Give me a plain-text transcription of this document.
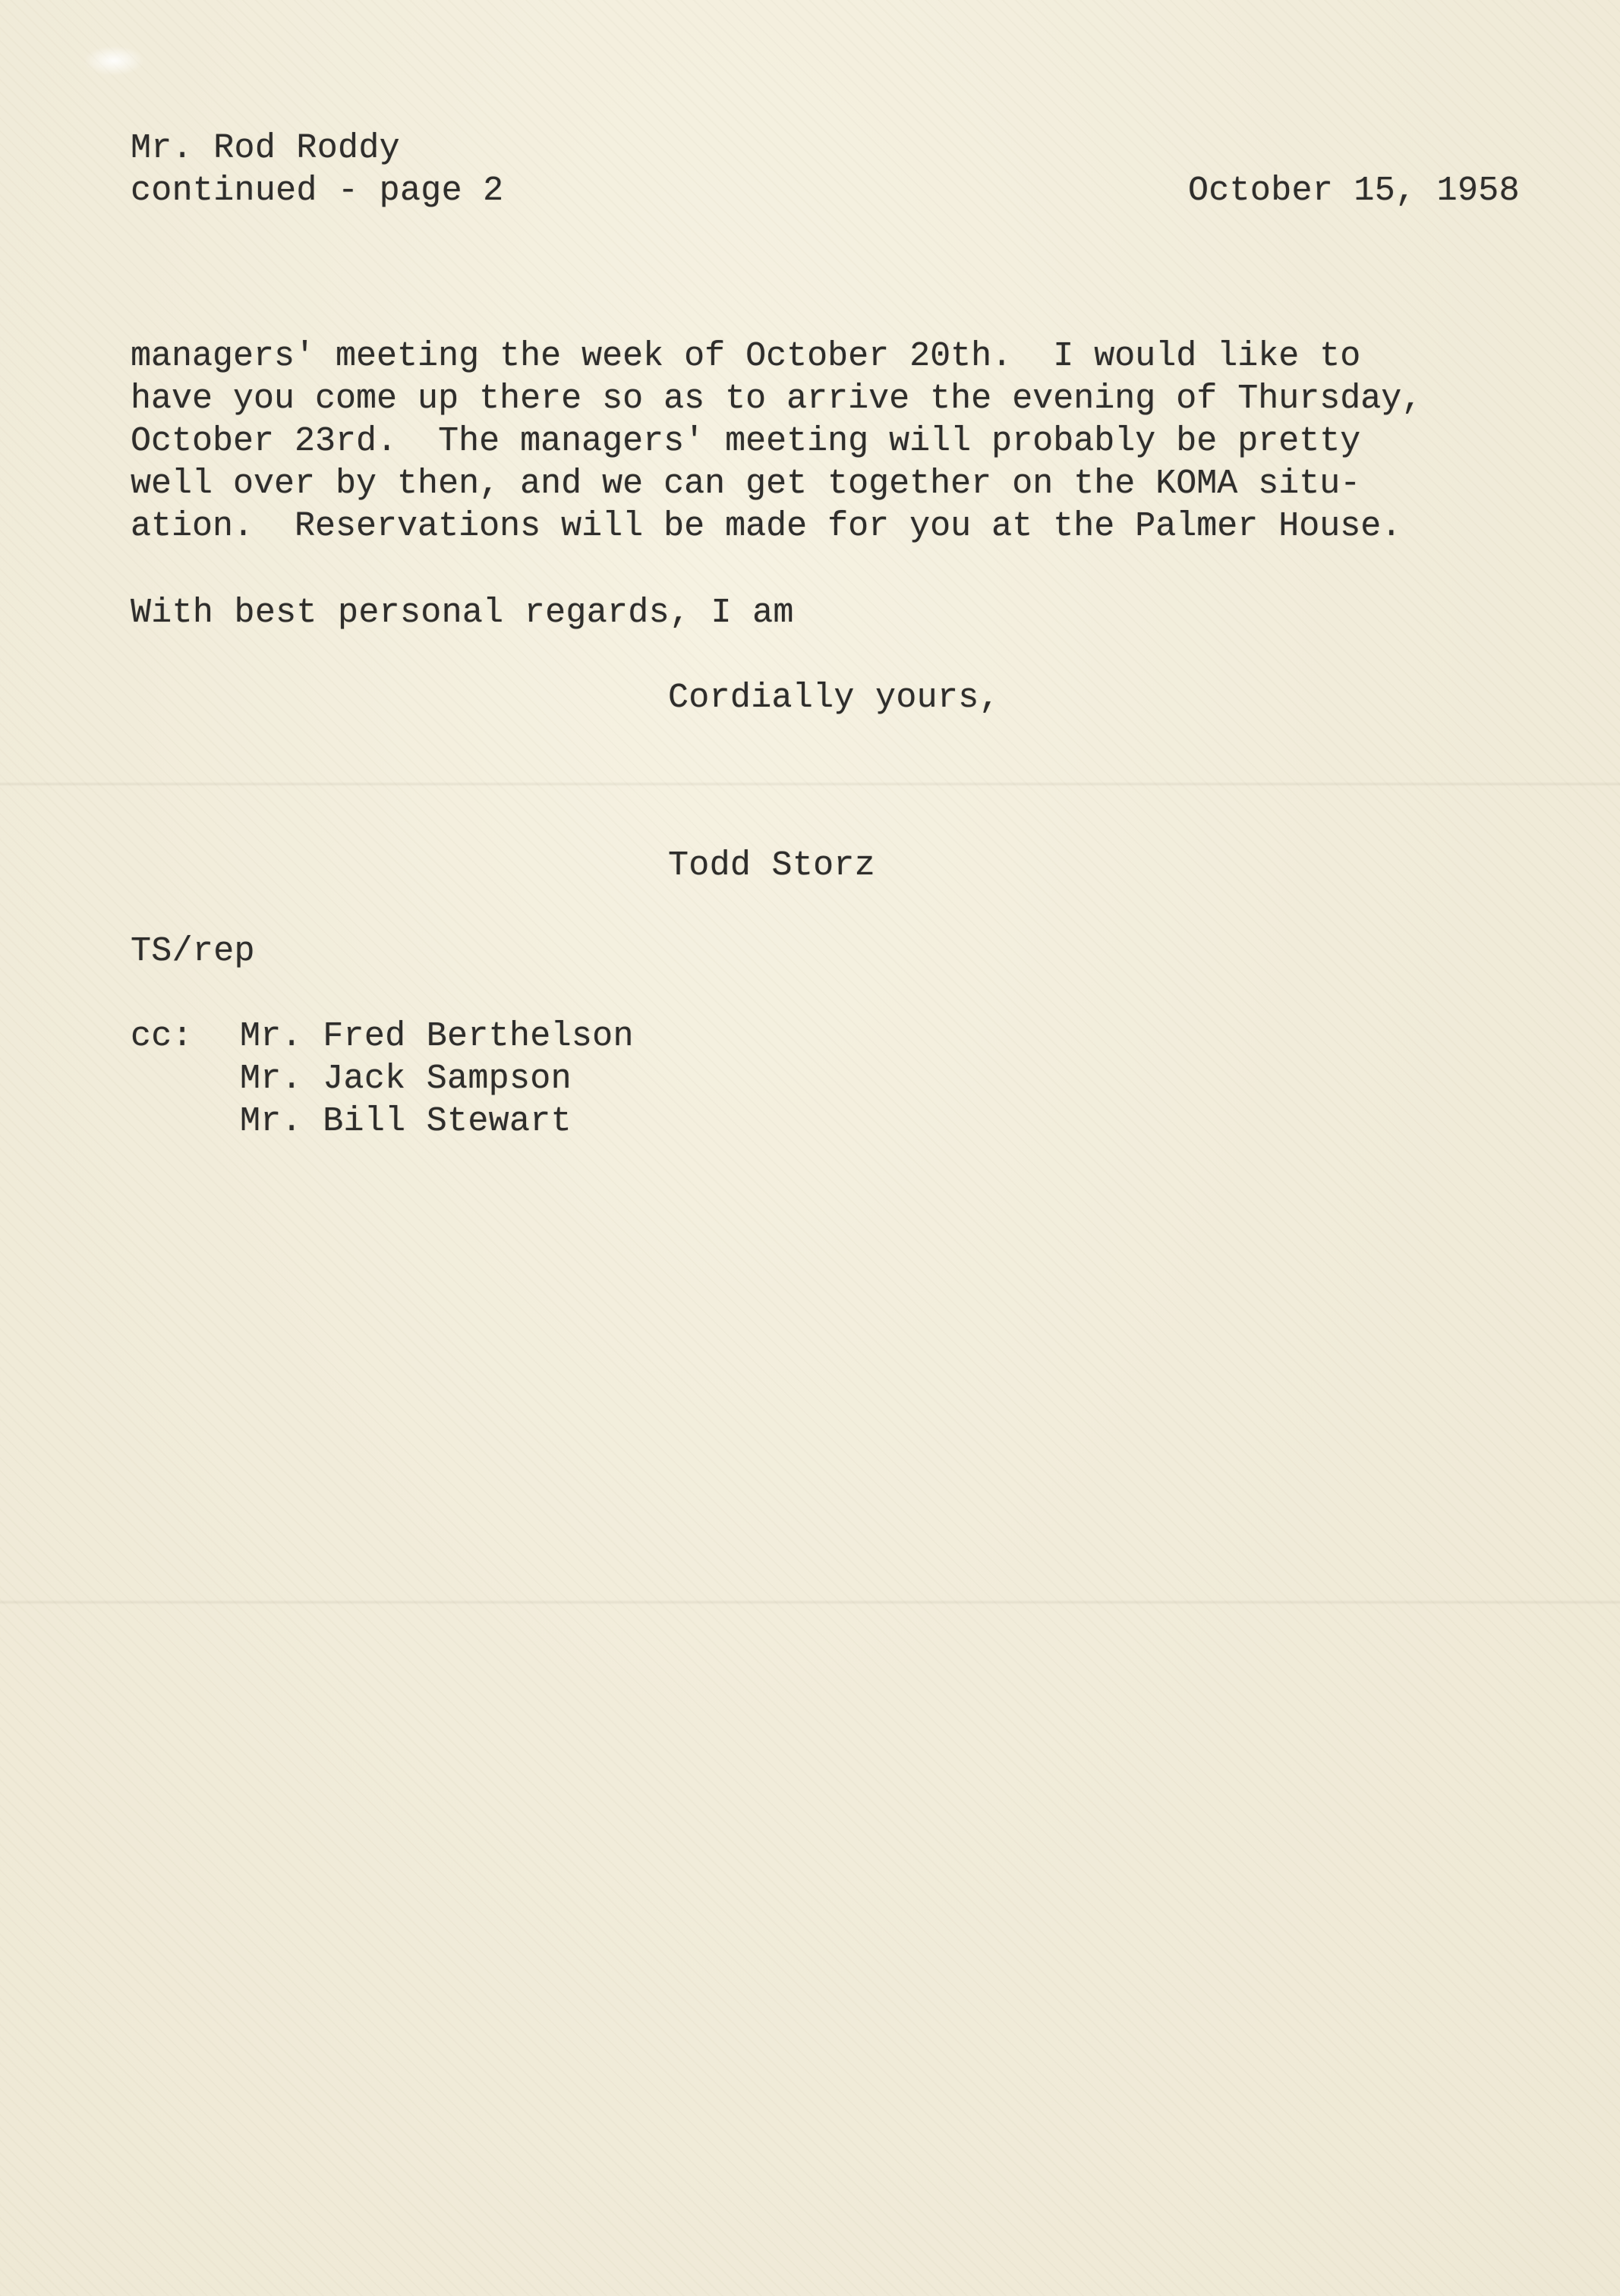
Mr. Rod Roddy
continued - page 2	October 15, 1958
managers' meeting the week of October 20th.  I would like to
have you come up there so as to arrive the evening of Thursday,
October 23rd.  The managers' meeting will probably be pretty
well over by then, and we can get together on the KOMA situ-
ation.  Reservations will be made for you at the Palmer House.
With best personal regards, I am
Cordially yours,
Todd Storz
TS/rep
cc: Mr. Fred Berthelson
Mr. Jack Sampson
Mr. Bill Stewart
